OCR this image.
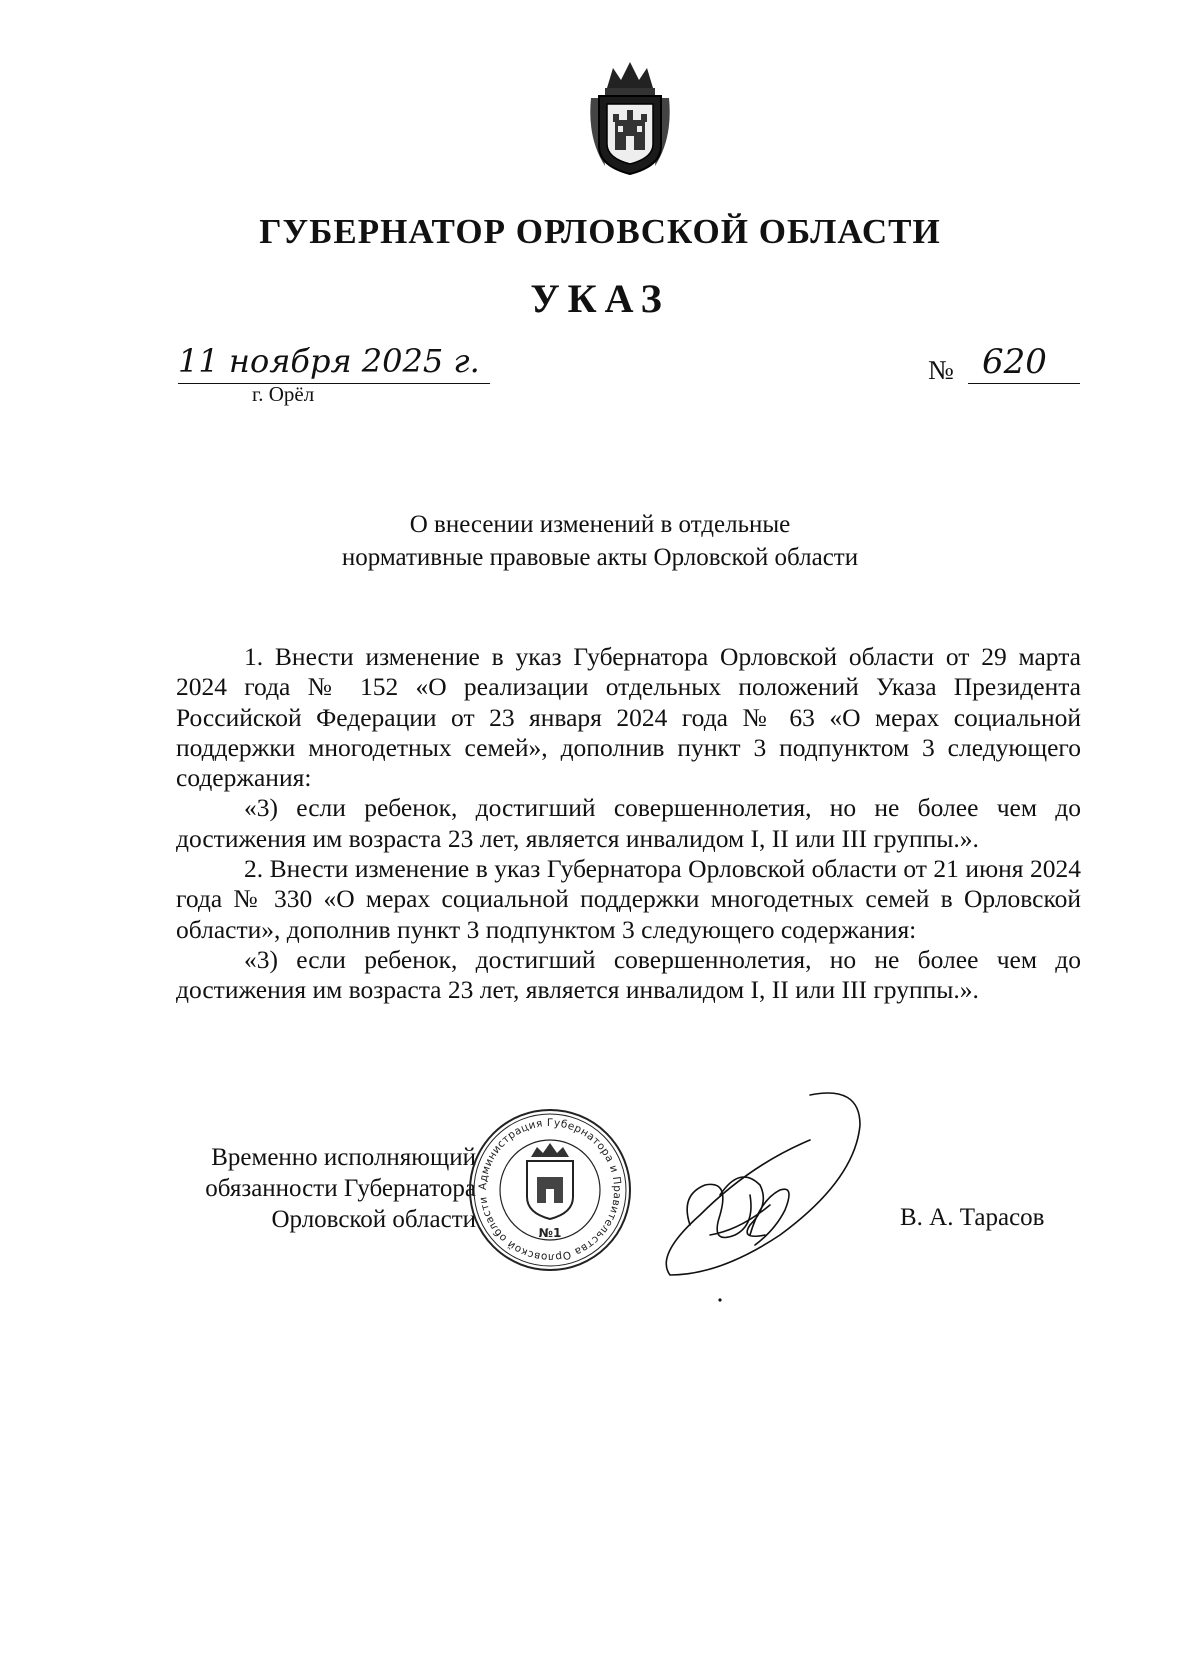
ГУБЕРНАТОР ОРЛОВСКОЙ ОБЛАСТИ
УКАЗ
11 ноября 2025 г.
г. Орёл
№ 620
О внесении изменений в отдельные
нормативные правовые акты Орловской области

1. Внести изменение в указ Губернатора Орловской области от 29 марта 2024 года № 152 «О реализации отдельных положений Указа Президента Российской Федерации от 23 января 2024 года № 63 «О мерах социальной поддержки многодетных семей», дополнив пункт 3 подпунктом 3 следующего содержания:

«3) если ребенок, достигший совершеннолетия, но не более чем до достижения им возраста 23 лет, является инвалидом I, II или III группы.».

2. Внести изменение в указ Губернатора Орловской области от 21 июня 2024 года № 330 «О мерах социальной поддержки многодетных семей в Орловской области», дополнив пункт 3 подпунктом 3 следующего содержания:

«3) если ребенок, достигший совершеннолетия, но не более чем до достижения им возраста 23 лет, является инвалидом I, II или III группы.».

Временно исполняющий
обязанности Губернатора
Орловской области
Администрация Губернатора и Правительства Орловской области
№1
В. А. Тарасов
